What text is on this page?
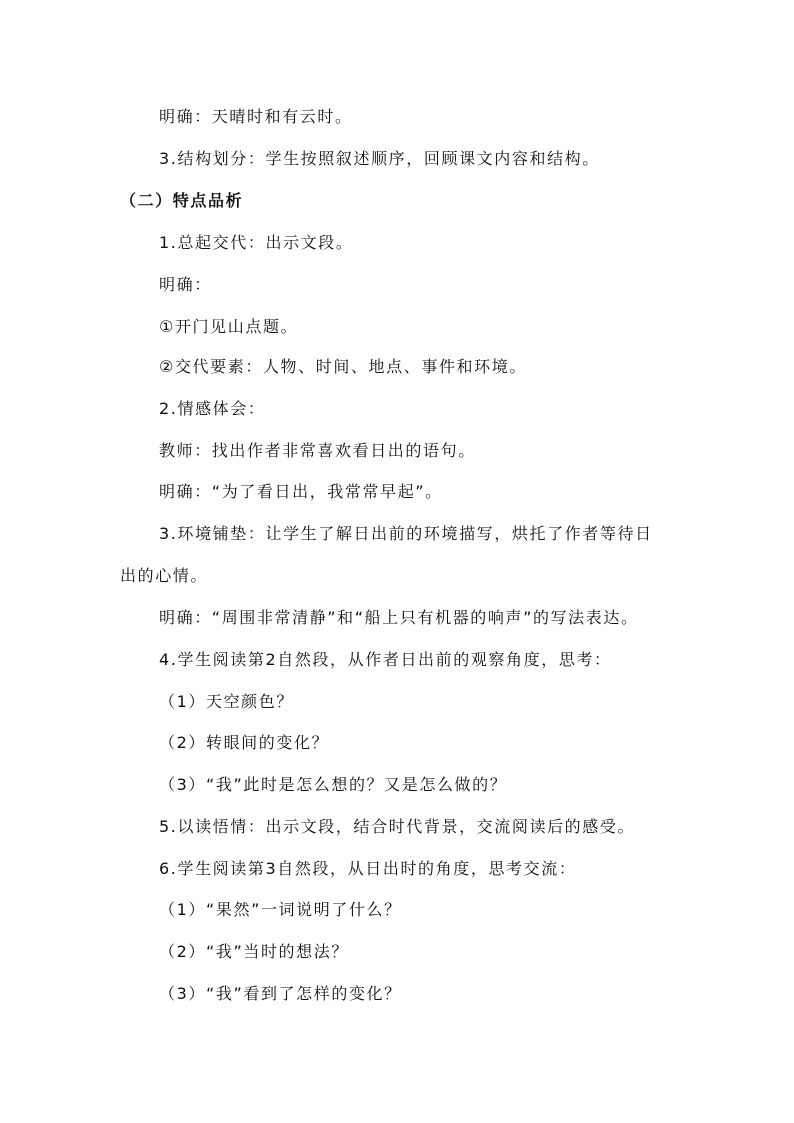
明确：天晴时和有云时。
3.结构划分：学生按照叙述顺序，回顾课文内容和结构。
（二）特点品析
1.总起交代：出示文段。
明确：
①开门见山点题。
②交代要素：人物、时间、地点、事件和环境。
2.情感体会：
教师：找出作者非常喜欢看日出的语句。
明确：“为了看日出，我常常早起”。
3.环境铺垫：让学生了解日出前的环境描写，烘托了作者等待日
出的心情。
明确：“周围非常清静”和“船上只有机器的响声”的写法表达。
4.学生阅读第2自然段，从作者日出前的观察角度，思考：
（1）天空颜色？
（2）转眼间的变化？
（3）“我”此时是怎么想的？又是怎么做的？
5.以读悟情：出示文段，结合时代背景，交流阅读后的感受。
6.学生阅读第3自然段，从日出时的角度，思考交流：
（1）“果然”一词说明了什么？
（2）“我”当时的想法？
（3）“我”看到了怎样的变化？
